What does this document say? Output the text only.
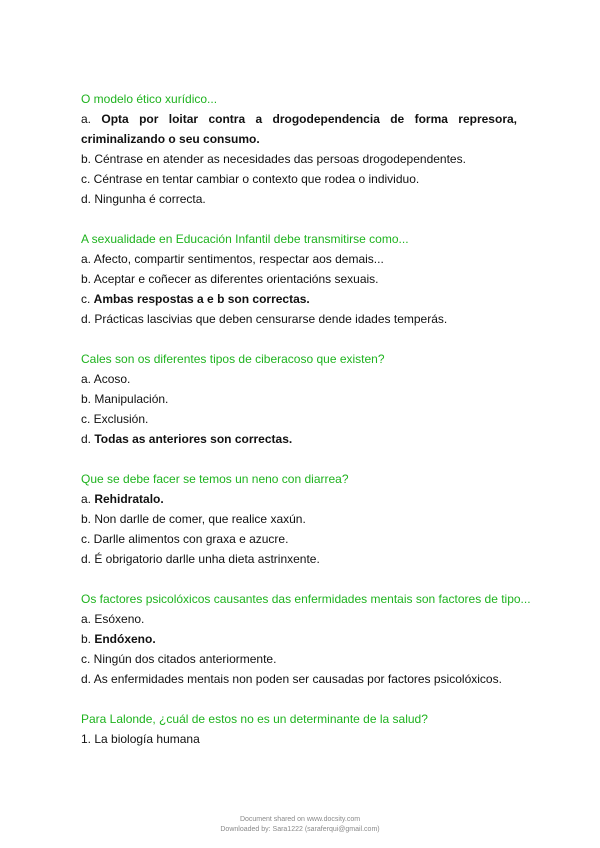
O modelo ético xurídico...
a. Opta por loitar contra a drogodependencia de forma represora, criminalizando o seu consumo.
b. Céntrase en atender as necesidades das persoas drogodependentes.
c. Céntrase en tentar cambiar o contexto que rodea o individuo.
d. Ningunha é correcta.
A sexualidade en Educación Infantil debe transmitirse como...
a. Afecto, compartir sentimentos, respectar aos demais...
b. Aceptar e coñecer as diferentes orientacións sexuais.
c. Ambas respostas a e b son correctas.
d. Prácticas lascivias que deben censurarse dende idades temperás.
Cales son os diferentes tipos de ciberacoso que existen?
a. Acoso.
b. Manipulación.
c. Exclusión.
d. Todas as anteriores son correctas.
Que se debe facer se temos un neno con diarrea?
a. Rehidratalo.
b. Non darlle de comer, que realice xaxún.
c. Darlle alimentos con graxa e azucre.
d. É obrigatorio darlle unha dieta astrinxente.
Os factores psicolóxicos causantes das enfermidades mentais son factores de tipo...
a. Esóxeno.
b. Endóxeno.
c. Ningún dos citados anteriormente.
d. As enfermidades mentais non poden ser causadas por factores psicolóxicos.
Para Lalonde, ¿cuál de estos no es un determinante de la salud?
1. La biología humana
Document shared on www.docsity.com
Downloaded by: Sara1222 (saraferqui@gmail.com)
